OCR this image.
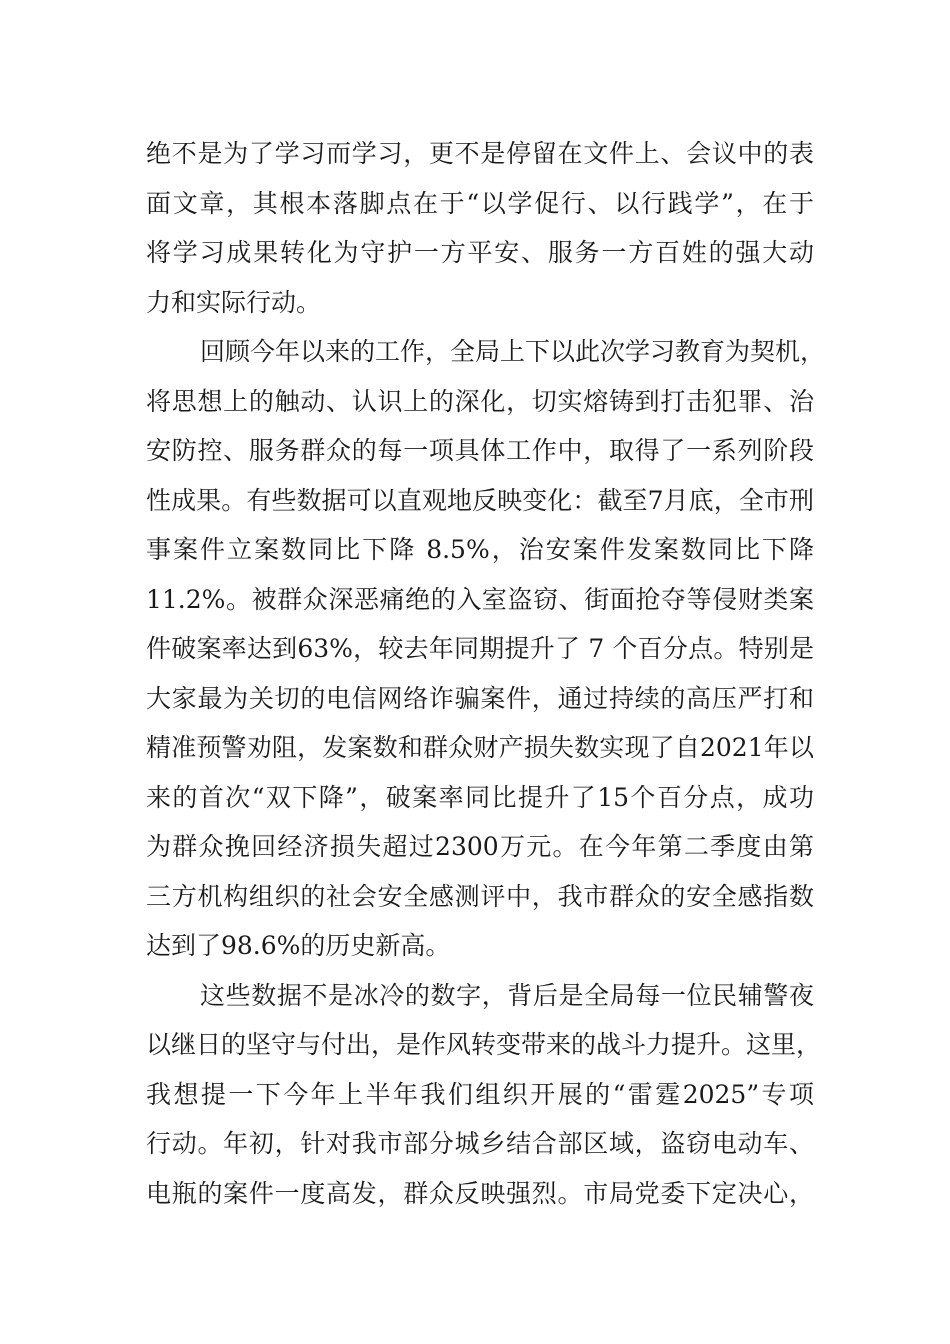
绝不是为了学习而学习，更不是停留在文件上、会议中的表
面文章，其根本落脚点在于“以学促行、以行践学”，在于
将学习成果转化为守护一方平安、服务一方百姓的强大动
力和实际行动。
回顾今年以来的工作，全局上下以此次学习教育为契机，
将思想上的触动、认识上的深化，切实熔铸到打击犯罪、治
安防控、服务群众的每一项具体工作中，取得了一系列阶段
性成果。有些数据可以直观地反映变化：截至7月底，全市刑
事案件立案数同比下降 8.5%，治安案件发案数同比下降
11.2%。被群众深恶痛绝的入室盗窃、街面抢夺等侵财类案
件破案率达到63%，较去年同期提升了 7 个百分点。特别是
大家最为关切的电信网络诈骗案件，通过持续的高压严打和
精准预警劝阻，发案数和群众财产损失数实现了自2021年以
来的首次“双下降”，破案率同比提升了15个百分点，成功
为群众挽回经济损失超过2300万元。在今年第二季度由第
三方机构组织的社会安全感测评中，我市群众的安全感指数
达到了98.6%的历史新高。
这些数据不是冰冷的数字，背后是全局每一位民辅警夜
以继日的坚守与付出，是作风转变带来的战斗力提升。这里，
我想提一下今年上半年我们组织开展的“雷霆2025”专项
行动。年初，针对我市部分城乡结合部区域，盗窃电动车、
电瓶的案件一度高发，群众反映强烈。市局党委下定决心，
